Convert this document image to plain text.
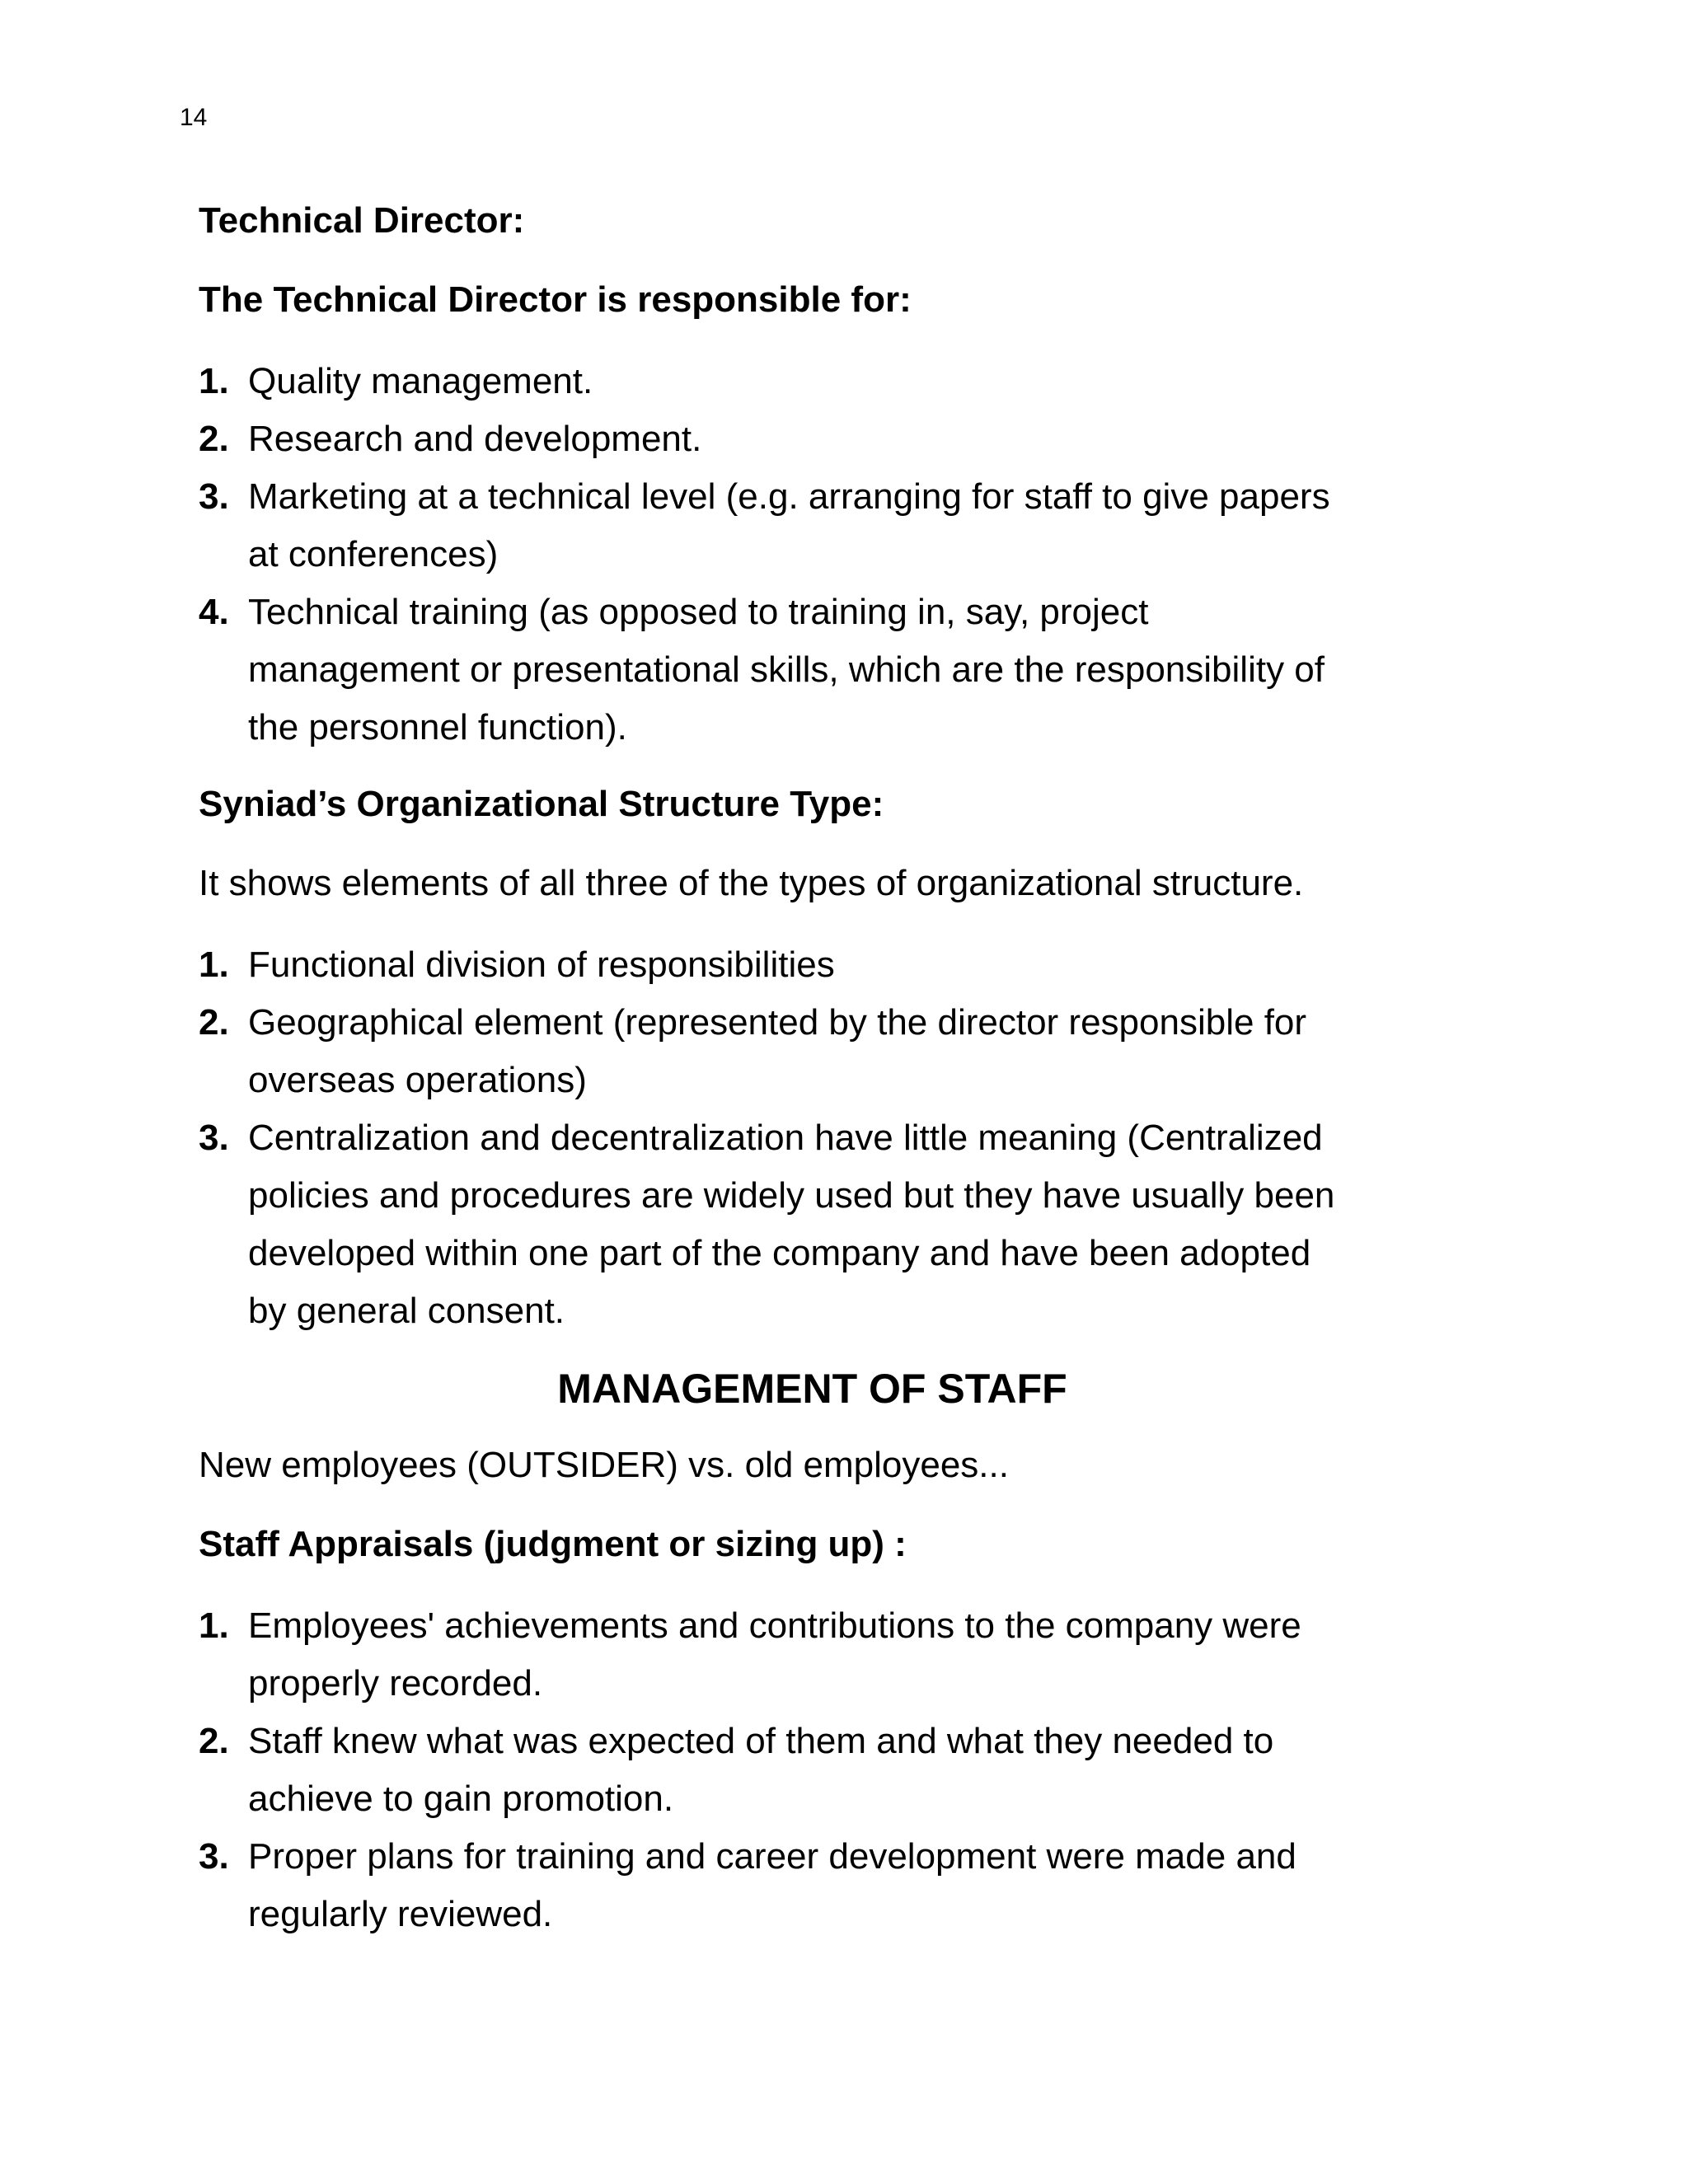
14

Technical Director:

The Technical Director is responsible for:

1. Quality management.
2. Research and development.
3. Marketing at a technical level (e.g. arranging for staff to give papers
at conferences)
4. Technical training (as opposed to training in, say, project
management or presentational skills, which are the responsibility of
the personnel function).

Syniad’s Organizational Structure Type:

It shows elements of all three of the types of organizational structure.

1. Functional division of responsibilities
2. Geographical element (represented by the director responsible for
overseas operations)
3. Centralization and decentralization have little meaning (Centralized
policies and procedures are widely used but they have usually been
developed within one part of the company and have been adopted
by general consent.

MANAGEMENT OF STAFF

New employees (OUTSIDER) vs. old employees...

Staff Appraisals (judgment or sizing up) :

1. Employees' achievements and contributions to the company were
properly recorded.
2. Staff knew what was expected of them and what they needed to
achieve to gain promotion.
3. Proper plans for training and career development were made and
regularly reviewed.
